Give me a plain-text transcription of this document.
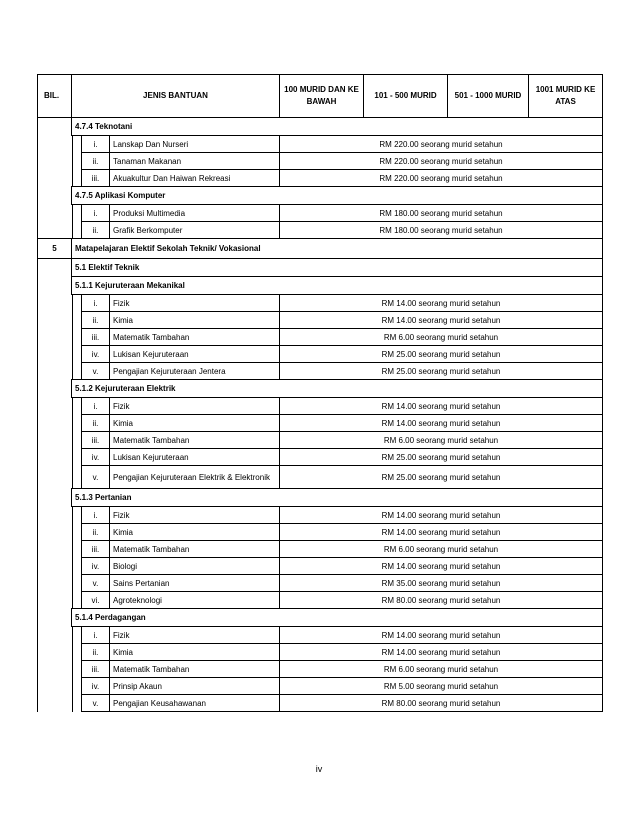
BIL.	JENIS BANTUAN			100 MURID DAN KE BAWAH	101 - 500 MURID	501 - 1000 MURID	1001 MURID KE ATAS
	4.7.4 Teknotani						
		i.	Lanskap Dan Nurseri	RM 220.00 seorang murid setahun			
		ii.	Tanaman Makanan	RM 220.00 seorang murid setahun			
		iii.	Akuakultur Dan Haiwan Rekreasi	RM 220.00 seorang murid setahun			
	4.7.5 Aplikasi Komputer						
		i.	Produksi Multimedia	RM 180.00 seorang murid setahun			
		ii.	Grafik Berkomputer	RM 180.00 seorang murid setahun			
5	Matapelajaran Elektif Sekolah Teknik/ Vokasional						
	5.1 Elektif Teknik						
	5.1.1 Kejuruteraan Mekanikal						
		i.	Fizik	RM 14.00 seorang murid setahun			
		ii.	Kimia	RM 14.00 seorang murid setahun			
		iii.	Matematik Tambahan	RM 6.00 seorang murid setahun			
		iv.	Lukisan Kejuruteraan	RM 25.00 seorang murid setahun			
		v.	Pengajian Kejuruteraan Jentera	RM 25.00 seorang murid setahun			
	5.1.2 Kejuruteraan Elektrik						
		i.	Fizik	RM 14.00 seorang murid setahun			
		ii.	Kimia	RM 14.00 seorang murid setahun			
		iii.	Matematik Tambahan	RM 6.00 seorang murid setahun			
		iv.	Lukisan Kejuruteraan	RM 25.00 seorang murid setahun			
		v.	Pengajian Kejuruteraan Elektrik & Elektronik	RM 25.00 seorang murid setahun			
	5.1.3 Pertanian						
		i.	Fizik	RM 14.00 seorang murid setahun			
		ii.	Kimia	RM 14.00 seorang murid setahun			
		iii.	Matematik Tambahan	RM 6.00 seorang murid setahun			
		iv.	Biologi	RM 14.00 seorang murid setahun			
		v.	Sains Pertanian	RM 35.00 seorang murid setahun			
		vi.	Agroteknologi	RM 80.00 seorang murid setahun			
	5.1.4 Perdagangan						
		i.	Fizik	RM 14.00 seorang murid setahun			
		ii.	Kimia	RM 14.00 seorang murid setahun			
		iii.	Matematik Tambahan	RM 6.00 seorang murid setahun			
		iv.	Prinsip Akaun	RM 5.00 seorang murid setahun			
		v.	Pengajian Keusahawanan	RM 80.00 seorang murid setahun			
iv
